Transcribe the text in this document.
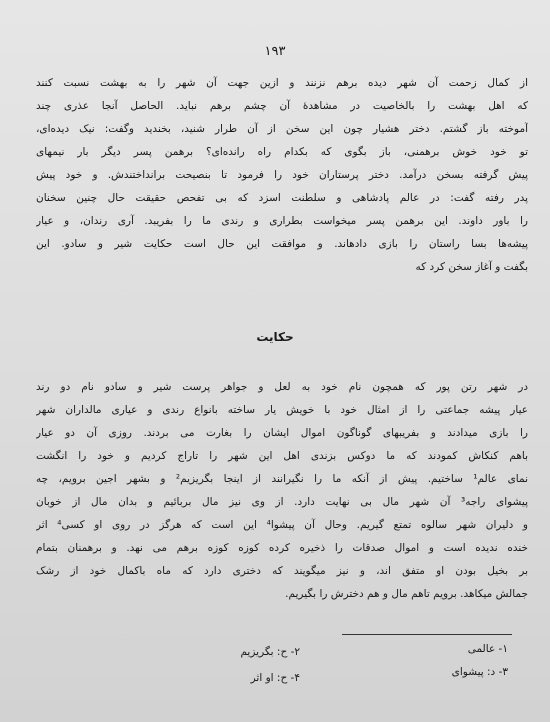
۱۹۳
از کمال زحمت آن شهر دیده برهم نزنند و ازین جهت آن شهر را به بهشت نسبت کنند
که اهل بهشت را بالخاصیت در مشاهدهٔ آن چشم برهم نباید. الحاصل آنجا عذری چند
آموخته باز گشتم. دختر هشیار چون این سخن از آن طرار شنید، بخندید وگفت: نیک دیده‌ای،
تو خود خوش برهمنی، باز بگوی که بکدام راه رانده‌ای؟ برهمن پسر دیگر بار نیمهای
پیش گرفته بسخن درآمد. دختر پرستاران خود را فرمود تا بنصیحت برانداختندش. و خود پیش
پدر رفته گفت: در عالم پادشاهی و سلطنت اسزد که بی تفحص حقیقت حال چنین سخنان
را باور داوند. این برهمن پسر میخواست بطراری و رندی ما را بفریبد. آری رندان، و عیار
پیشه‌ها بسا راستان را بازی دادهاند. و موافقت این حال است حکایت شیر و سادو. این
بگفت و آغاز سخن کرد که
حکایت
در شهر رتن پور که همچون نام خود به لعل و جواهر پرست شیر و سادو نام دو رند
عیار پیشه جماعتی را از امثال خود با خویش یار ساخته بانواع رندی و عیاری مالداران شهر
را بازی میدادند و بفریبهای گوناگون اموال ایشان را بغارت می بردند. روزی آن دو عیار
باهم کنکاش کمودند که ما دوکس بزندی اهل این شهر را تاراج کردیم و خود را انگشت
نمای عالم¹ ساختیم. پیش از آنکه ما را نگیرانند از اینجا بگریزیم² و بشهر اجین برویم، چه
پیشوای راجه³ آن شهر مال بی نهایت دارد. از وی نیز مال بربائیم و بدان مال از خوبان
و دلیران شهر سالوه تمتع گیریم. وحال آن پیشوا⁴ این است که هرگز در روی او کسی⁴ اثر
خنده ندیده است و اموال صدقات را ذخیره کرده کوزه کوزه برهم می نهد. و برهمنان بتمام
بر بخیل بودن او متفق اند، و نیز میگویند که دختری دارد که ماه باکمال خود از رشک
جمالش میکاهد. برویم تاهم مال و هم دخترش را بگیریم.
۱- عالمی
۲- ح: بگریزیم
۳- د: پیشوای
۴- ح: او اثر
